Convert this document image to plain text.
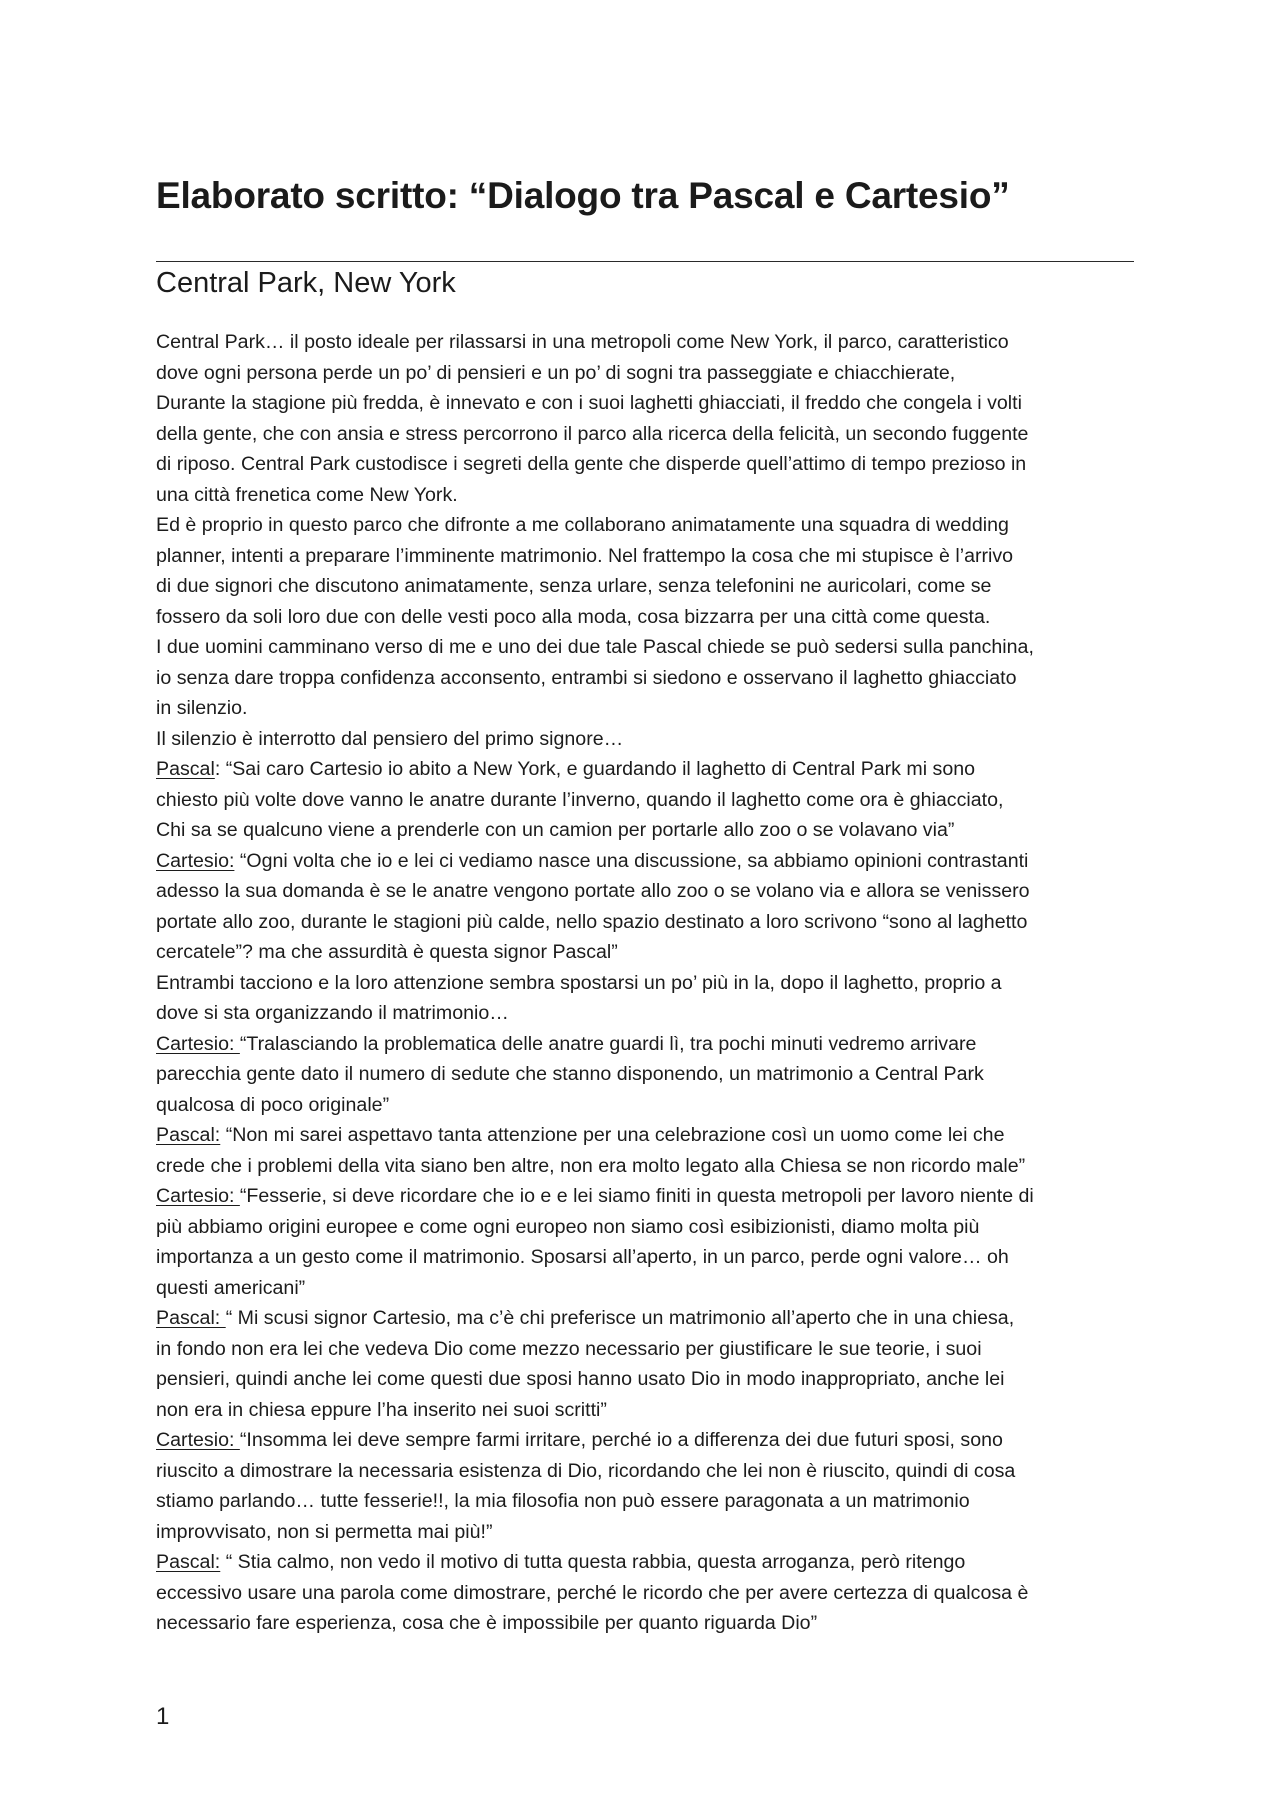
Elaborato scritto: “Dialogo tra Pascal e Cartesio”
Central Park, New York
Central Park… il posto ideale per rilassarsi in una metropoli come New York, il parco, caratteristico
dove ogni persona perde un po’ di pensieri e un po’ di sogni tra passeggiate e chiacchierate,
Durante la stagione più fredda, è innevato e con i suoi laghetti ghiacciati, il freddo che congela i volti
della gente, che con ansia e stress percorrono il parco alla ricerca della felicità, un secondo fuggente
di riposo. Central Park custodisce i segreti della gente che disperde quell’attimo di tempo prezioso in
una città frenetica come New York.
Ed è proprio in questo parco che difronte a me collaborano animatamente una squadra di wedding
planner, intenti a preparare l’imminente matrimonio. Nel frattempo la cosa che mi stupisce è l’arrivo
di due signori che discutono animatamente, senza urlare, senza telefonini ne auricolari, come se
fossero da soli loro due con delle vesti poco alla moda, cosa bizzarra per una città come questa.
I due uomini camminano verso di me e uno dei due tale Pascal chiede se può sedersi sulla panchina,
io senza dare troppa confidenza acconsento, entrambi si siedono e osservano il laghetto ghiacciato
in silenzio.
Il silenzio è interrotto dal pensiero del primo signore…
Pascal: “Sai caro Cartesio io abito a New York, e guardando il laghetto di Central Park mi sono
chiesto più volte dove vanno le anatre durante l’inverno, quando il laghetto come ora è ghiacciato,
Chi sa se qualcuno viene a prenderle con un camion per portarle allo zoo o se volavano via”
Cartesio: “Ogni volta che io e lei ci vediamo nasce una discussione, sa abbiamo opinioni contrastanti
adesso la sua domanda è se le anatre vengono portate allo zoo o se volano via e allora se venissero
portate allo zoo, durante le stagioni più calde, nello spazio destinato a loro scrivono “sono al laghetto
cercatele”? ma che assurdità è questa signor Pascal”
Entrambi tacciono e la loro attenzione sembra spostarsi un po’ più in la, dopo il laghetto, proprio a
dove si sta organizzando il matrimonio…
Cartesio: “Tralasciando la problematica delle anatre guardi lì, tra pochi minuti vedremo arrivare
parecchia gente dato il numero di sedute che stanno disponendo, un matrimonio a Central Park
qualcosa di poco originale”
Pascal: “Non mi sarei aspettavo tanta attenzione per una celebrazione così un uomo come lei che
crede che i problemi della vita siano ben altre, non era molto legato alla Chiesa se non ricordo male”
Cartesio: “Fesserie, si deve ricordare che io e e lei siamo finiti in questa metropoli per lavoro niente di
più abbiamo origini europee e come ogni europeo non siamo così esibizionisti, diamo molta più
importanza a un gesto come il matrimonio. Sposarsi all’aperto, in un parco, perde ogni valore… oh
questi americani”
Pascal: “ Mi scusi signor Cartesio, ma c’è chi preferisce un matrimonio all’aperto che in una chiesa,
in fondo non era lei che vedeva Dio come mezzo necessario per giustificare le sue teorie, i suoi
pensieri, quindi anche lei come questi due sposi hanno usato Dio in modo inappropriato, anche lei
non era in chiesa eppure l’ha inserito nei suoi scritti”
Cartesio: “Insomma lei deve sempre farmi irritare, perché io a differenza dei due futuri sposi, sono
riuscito a dimostrare la necessaria esistenza di Dio, ricordando che lei non è riuscito, quindi di cosa
stiamo parlando… tutte fesserie!!, la mia filosofia non può essere paragonata a un matrimonio
improvvisato, non si permetta mai più!”
Pascal: “ Stia calmo, non vedo il motivo di tutta questa rabbia, questa arroganza, però ritengo
eccessivo usare una parola come dimostrare, perché le ricordo che per avere certezza di qualcosa è
necessario fare esperienza, cosa che è impossibile per quanto riguarda Dio”
1
